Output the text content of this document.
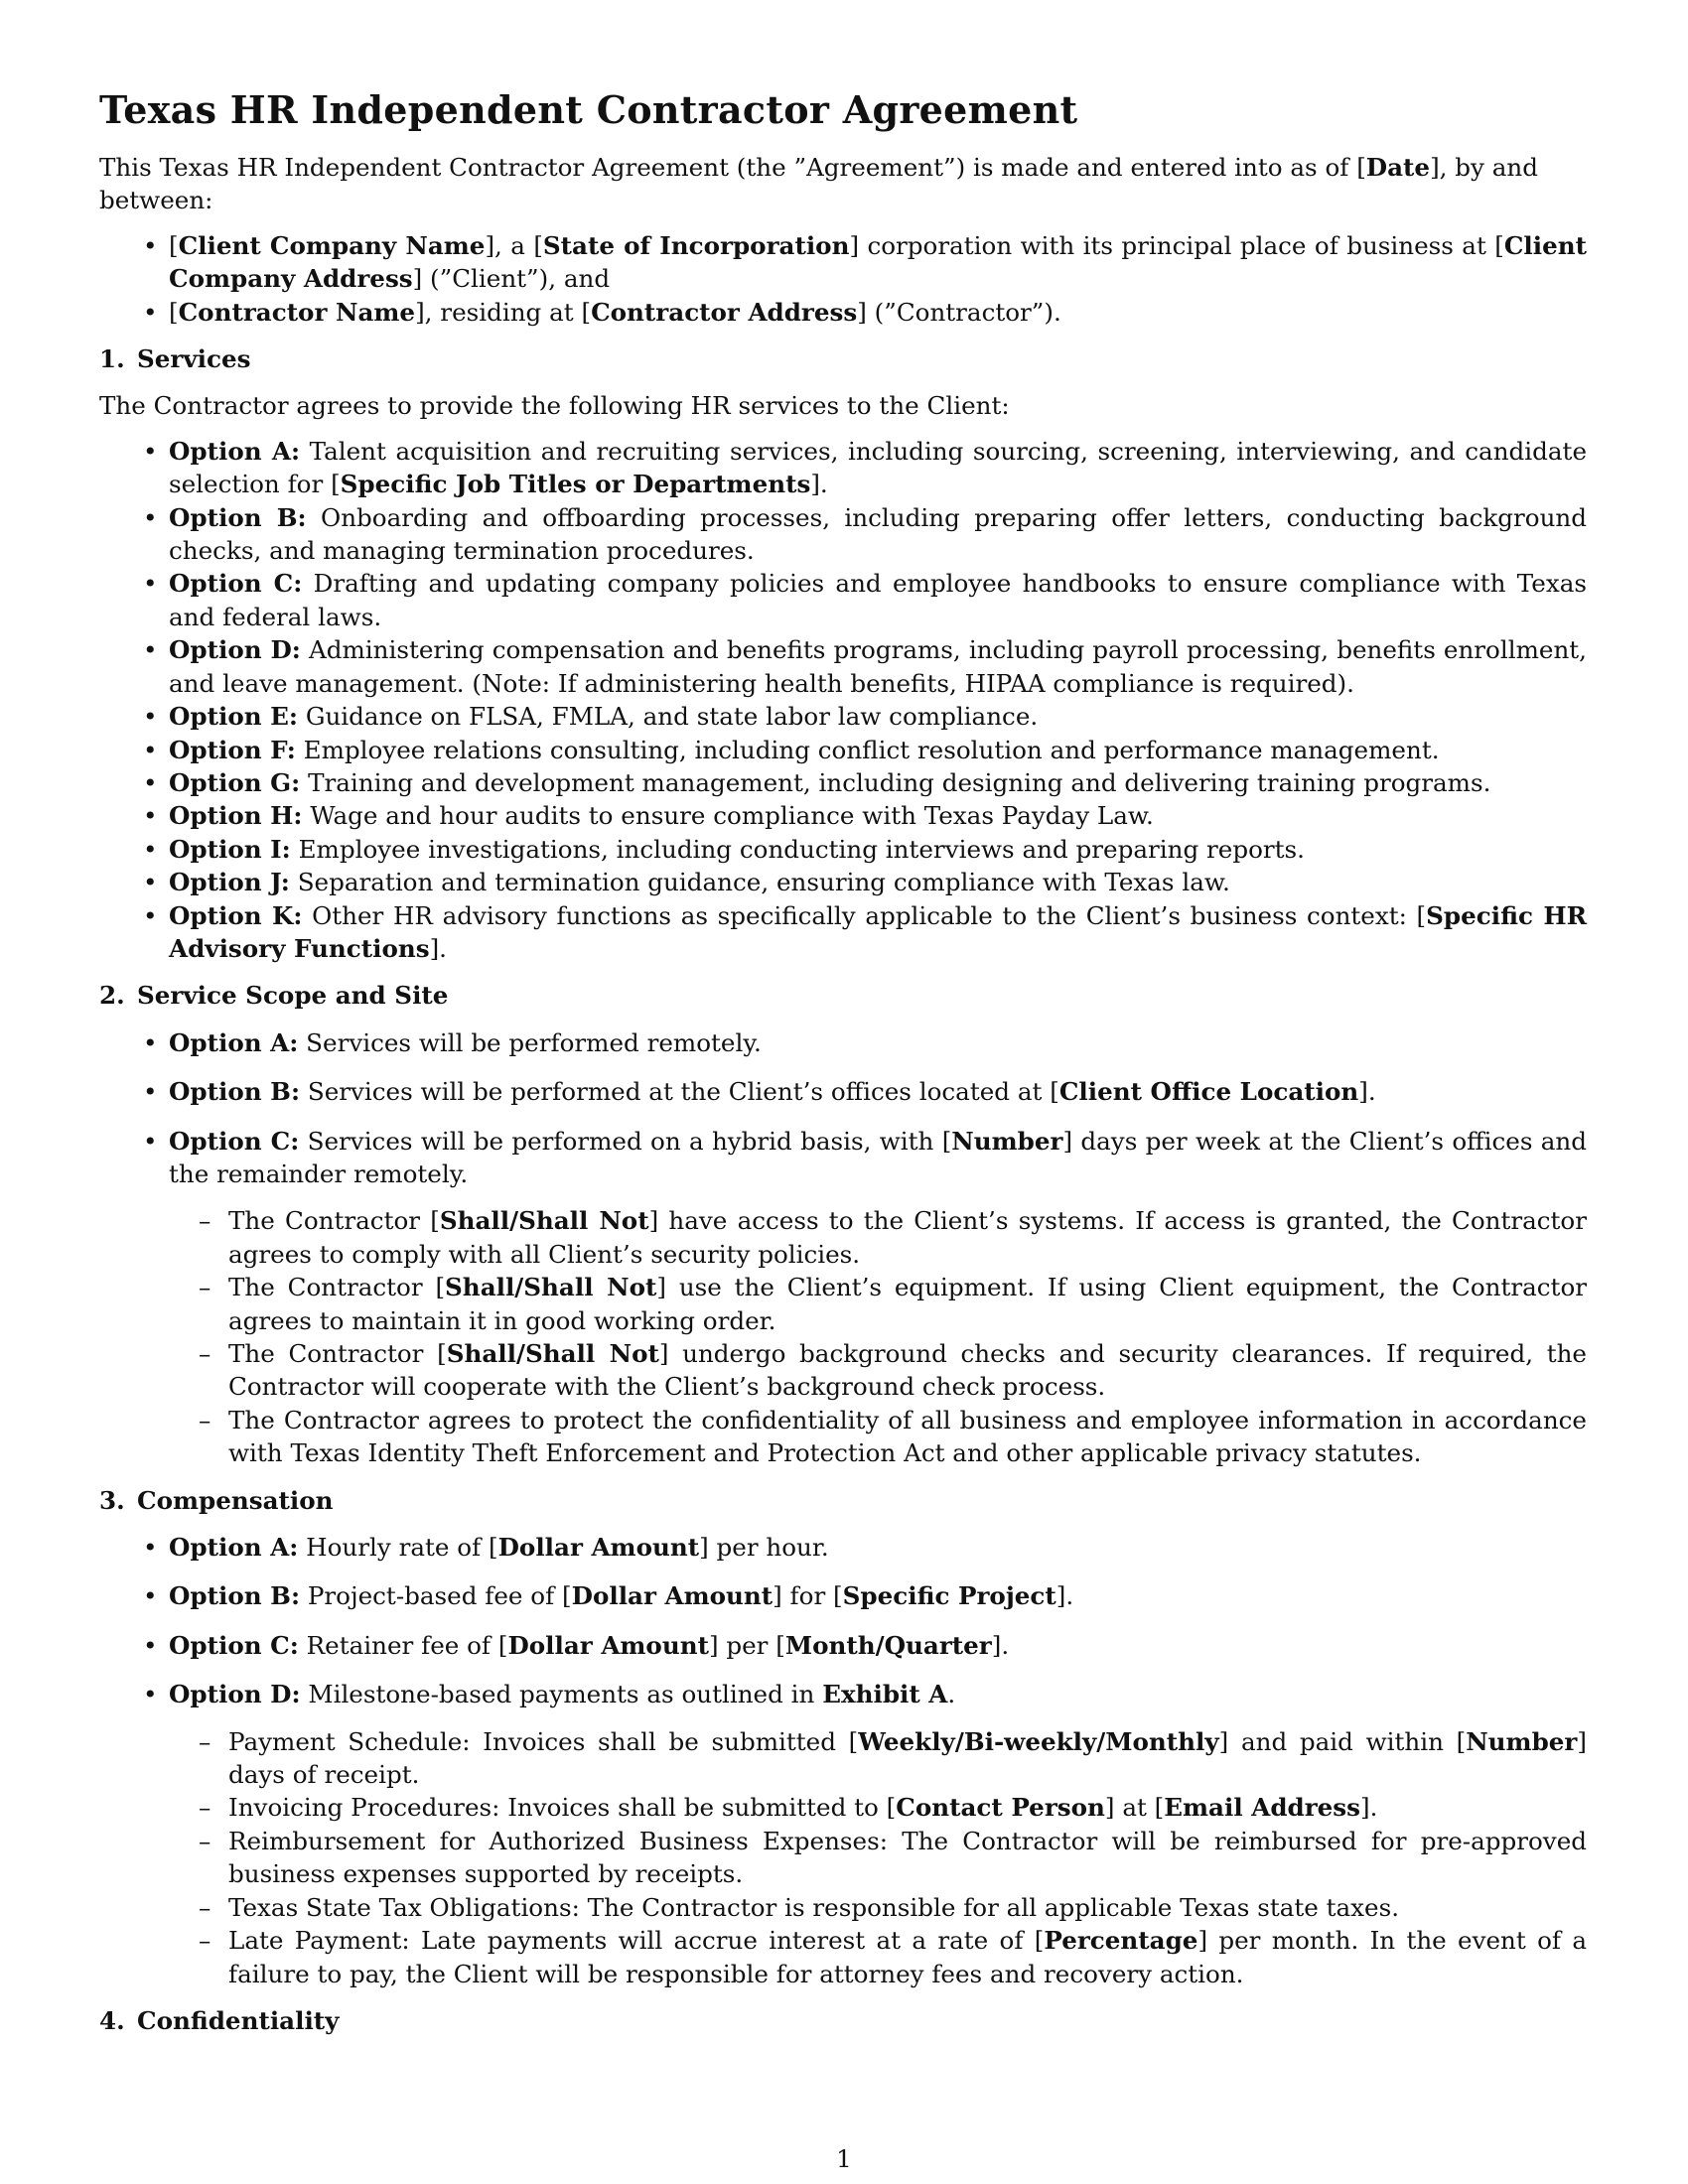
Texas HR Independent Contractor Agreement

This Texas HR Independent Contractor Agreement (the ”Agreement”) is made and entered into as of [Date], by and between:

• [Client Company Name], a [State of Incorporation] corporation with its principal place of business at [Client Company Address] (”Client”), and
• [Contractor Name], residing at [Contractor Address] (”Contractor”).
1. Services

The Contractor agrees to provide the following HR services to the Client:

• Option A: Talent acquisition and recruiting services, including sourcing, screening, interviewing, and candidate selection for [Specific Job Titles or Departments].
• Option B: Onboarding and offboarding processes, including preparing offer letters, conducting background checks, and managing termination procedures.
• Option C: Drafting and updating company policies and employee handbooks to ensure compliance with Texas and federal laws.
• Option D: Administering compensation and benefits programs, including payroll processing, benefits enrollment, and leave management. (Note: If administering health benefits, HIPAA compliance is required).
• Option E: Guidance on FLSA, FMLA, and state labor law compliance.
• Option F: Employee relations consulting, including conflict resolution and performance management.
• Option G: Training and development management, including designing and delivering training programs.
• Option H: Wage and hour audits to ensure compliance with Texas Payday Law.
• Option I: Employee investigations, including conducting interviews and preparing reports.
• Option J: Separation and termination guidance, ensuring compliance with Texas law.
• Option K: Other HR advisory functions as specifically applicable to the Client’s business context: [Specific HR Advisory Functions].
2. Service Scope and Site
• Option A: Services will be performed remotely.
• Option B: Services will be performed at the Client’s offices located at [Client Office Location].
• Option C: Services will be performed on a hybrid basis, with [Number] days per week at the Client’s offices and the remainder remotely.
– The Contractor [Shall/Shall Not] have access to the Client’s systems. If access is granted, the Contractor agrees to comply with all Client’s security policies.
– The Contractor [Shall/Shall Not] use the Client’s equipment. If using Client equipment, the Contractor agrees to maintain it in good working order.
– The Contractor [Shall/Shall Not] undergo background checks and security clearances. If required, the Contractor will cooperate with the Client’s background check process.
– The Contractor agrees to protect the confidentiality of all business and employee information in accordance with Texas Identity Theft Enforcement and Protection Act and other applicable privacy statutes.
3. Compensation
• Option A: Hourly rate of [Dollar Amount] per hour.
• Option B: Project-based fee of [Dollar Amount] for [Specific Project].
• Option C: Retainer fee of [Dollar Amount] per [Month/Quarter].
• Option D: Milestone-based payments as outlined in Exhibit A.
– Payment Schedule: Invoices shall be submitted [Weekly/Bi-weekly/Monthly] and paid within [Number] days of receipt.
– Invoicing Procedures: Invoices shall be submitted to [Contact Person] at [Email Address].
– Reimbursement for Authorized Business Expenses: The Contractor will be reimbursed for pre-approved business expenses supported by receipts.
– Texas State Tax Obligations: The Contractor is responsible for all applicable Texas state taxes.
– Late Payment: Late payments will accrue interest at a rate of [Percentage] per month. In the event of a failure to pay, the Client will be responsible for attorney fees and recovery action.
4. Confidentiality
1
